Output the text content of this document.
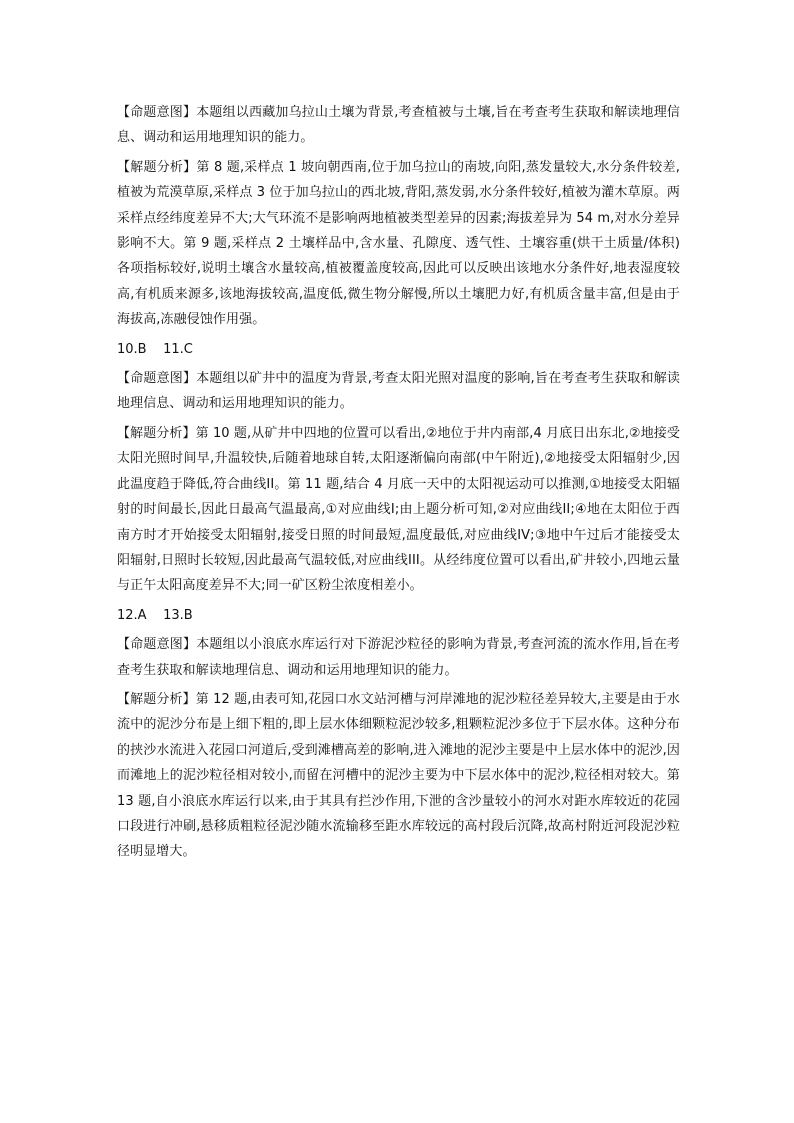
【命题意图】本题组以西藏加乌拉山土壤为背景,考查植被与土壤,旨在考查考生获取和解读地理信息、调动和运用地理知识的能力。

【解题分析】第 8 题,采样点 1 坡向朝西南,位于加乌拉山的南坡,向阳,蒸发量较大,水分条件较差,植被为荒漠草原,采样点 3 位于加乌拉山的西北坡,背阳,蒸发弱,水分条件较好,植被为灌木草原。两采样点经纬度差异不大;大气环流不是影响两地植被类型差异的因素;海拔差异为 54 m,对水分差异影响不大。第 9 题,采样点 2 土壤样品中,含水量、孔隙度、透气性、土壤容重(烘干土质量/体积)各项指标较好,说明土壤含水量较高,植被覆盖度较高,因此可以反映出该地水分条件好,地表湿度较高,有机质来源多,该地海拔较高,温度低,微生物分解慢,所以土壤肥力好,有机质含量丰富,但是由于海拔高,冻融侵蚀作用强。

10.B    11.C

【命题意图】本题组以矿井中的温度为背景,考查太阳光照对温度的影响,旨在考查考生获取和解读地理信息、调动和运用地理知识的能力。

【解题分析】第 10 题,从矿井中四地的位置可以看出,②地位于井内南部,4 月底日出东北,②地接受太阳光照时间早,升温较快,后随着地球自转,太阳逐渐偏向南部(中午附近),②地接受太阳辐射少,因此温度趋于降低,符合曲线II。第 11 题,结合 4 月底一天中的太阳视运动可以推测,①地接受太阳辐射的时间最长,因此日最高气温最高,①对应曲线I;由上题分析可知,②对应曲线II;④地在太阳位于西南方时才开始接受太阳辐射,接受日照的时间最短,温度最低,对应曲线IV;③地中午过后才能接受太阳辐射,日照时长较短,因此最高气温较低,对应曲线III。从经纬度位置可以看出,矿井较小,四地云量与正午太阳高度差异不大;同一矿区粉尘浓度相差小。

12.A    13.B

【命题意图】本题组以小浪底水库运行对下游泥沙粒径的影响为背景,考查河流的流水作用,旨在考查考生获取和解读地理信息、调动和运用地理知识的能力。

【解题分析】第 12 题,由表可知,花园口水文站河槽与河岸滩地的泥沙粒径差异较大,主要是由于水流中的泥沙分布是上细下粗的,即上层水体细颗粒泥沙较多,粗颗粒泥沙多位于下层水体。这种分布的挟沙水流进入花园口河道后,受到滩槽高差的影响,进入滩地的泥沙主要是中上层水体中的泥沙,因而滩地上的泥沙粒径相对较小,而留在河槽中的泥沙主要为中下层水体中的泥沙,粒径相对较大。第 13 题,自小浪底水库运行以来,由于其具有拦沙作用,下泄的含沙量较小的河水对距水库较近的花园口段进行冲刷,悬移质粗粒径泥沙随水流输移至距水库较远的高村段后沉降,故高村附近河段泥沙粒径明显增大。
